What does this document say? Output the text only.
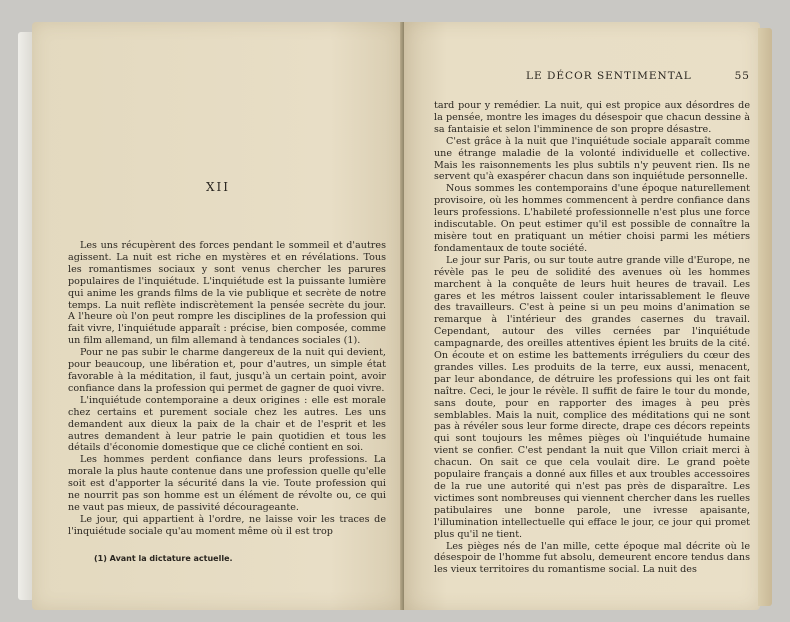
XII

Les uns récupèrent des forces pendant le sommeil et d'autres agissent. La nuit est riche en mystères et en révélations. Tous les romantismes sociaux y sont venus chercher les parures populaires de l'inquiétude. L'inquiétude est la puissante lumière qui anime les grands films de la vie publique et secrète de notre temps. La nuit reflète indiscrètement la pensée secrète du jour. A l'heure où l'on peut rompre les disciplines de la profession qui fait vivre, l'inquiétude apparaît : précise, bien composée, comme un film allemand, un film allemand à tendances sociales (1).

Pour ne pas subir le charme dangereux de la nuit qui devient, pour beaucoup, une libération et, pour d'autres, un simple état favorable à la méditation, il faut, jusqu'à un certain point, avoir confiance dans la profession qui permet de gagner de quoi vivre.

L'inquiétude contemporaine a deux origines : elle est morale chez certains et purement sociale chez les autres. Les uns demandent aux dieux la paix de la chair et de l'esprit et les autres demandent à leur patrie le pain quotidien et tous les détails d'économie domestique que ce cliché contient en soi.

Les hommes perdent confiance dans leurs professions. La morale la plus haute contenue dans une profession quelle qu'elle soit est d'apporter la sécurité dans la vie. Toute profession qui ne nourrit pas son homme est un élément de révolte ou, ce qui ne vaut pas mieux, de passivité décourageante.

Le jour, qui appartient à l'ordre, ne laisse voir les traces de l'inquiétude sociale qu'au moment même où il est trop

(1) Avant la dictature actuelle.
LE DÉCOR SENTIMENTAL	55

tard pour y remédier. La nuit, qui est propice aux désordres de la pensée, montre les images du désespoir que chacun dessine à sa fantaisie et selon l'imminence de son propre désastre.

C'est grâce à la nuit que l'inquiétude sociale apparaît comme une étrange maladie de la volonté individuelle et collective. Mais les raisonnements les plus subtils n'y peuvent rien. Ils ne servent qu'à exaspérer chacun dans son inquiétude personnelle.

Nous sommes les contemporains d'une époque naturellement provisoire, où les hommes commencent à perdre confiance dans leurs professions. L'habileté professionnelle n'est plus une force indiscutable. On peut estimer qu'il est possible de connaître la misère tout en pratiquant un métier choisi parmi les métiers fondamentaux de toute société.

Le jour sur Paris, ou sur toute autre grande ville d'Europe, ne révèle pas le peu de solidité des avenues où les hommes marchent à la conquête de leurs huit heures de travail. Les gares et les métros laissent couler intarissablement le fleuve des travailleurs. C'est à peine si un peu moins d'animation se remarque à l'intérieur des grandes casernes du travail. Cependant, autour des villes cernées par l'inquiétude campagnarde, des oreilles attentives épient les bruits de la cité. On écoute et on estime les battements irréguliers du cœur des grandes villes. Les produits de la terre, eux aussi, menacent, par leur abondance, de détruire les professions qui les ont fait naître. Ceci, le jour le révèle. Il suffit de faire le tour du monde, sans doute, pour en rapporter des images à peu près semblables. Mais la nuit, complice des méditations qui ne sont pas à révéler sous leur forme directe, drape ces décors repeints qui sont toujours les mêmes pièges où l'inquiétude humaine vient se confier. C'est pendant la nuit que Villon criait merci à chacun. On sait ce que cela voulait dire. Le grand poète populaire français a donné aux filles et aux troubles accessoires de la rue une autorité qui n'est pas près de disparaître. Les victimes sont nombreuses qui viennent chercher dans les ruelles patibulaires une bonne parole, une ivresse apaisante, l'illumination intellectuelle qui efface le jour, ce jour qui promet plus qu'il ne tient.

Les pièges nés de l'an mille, cette époque mal décrite où le désespoir de l'homme fut absolu, demeurent encore tendus dans les vieux territoires du romantisme social. La nuit des
